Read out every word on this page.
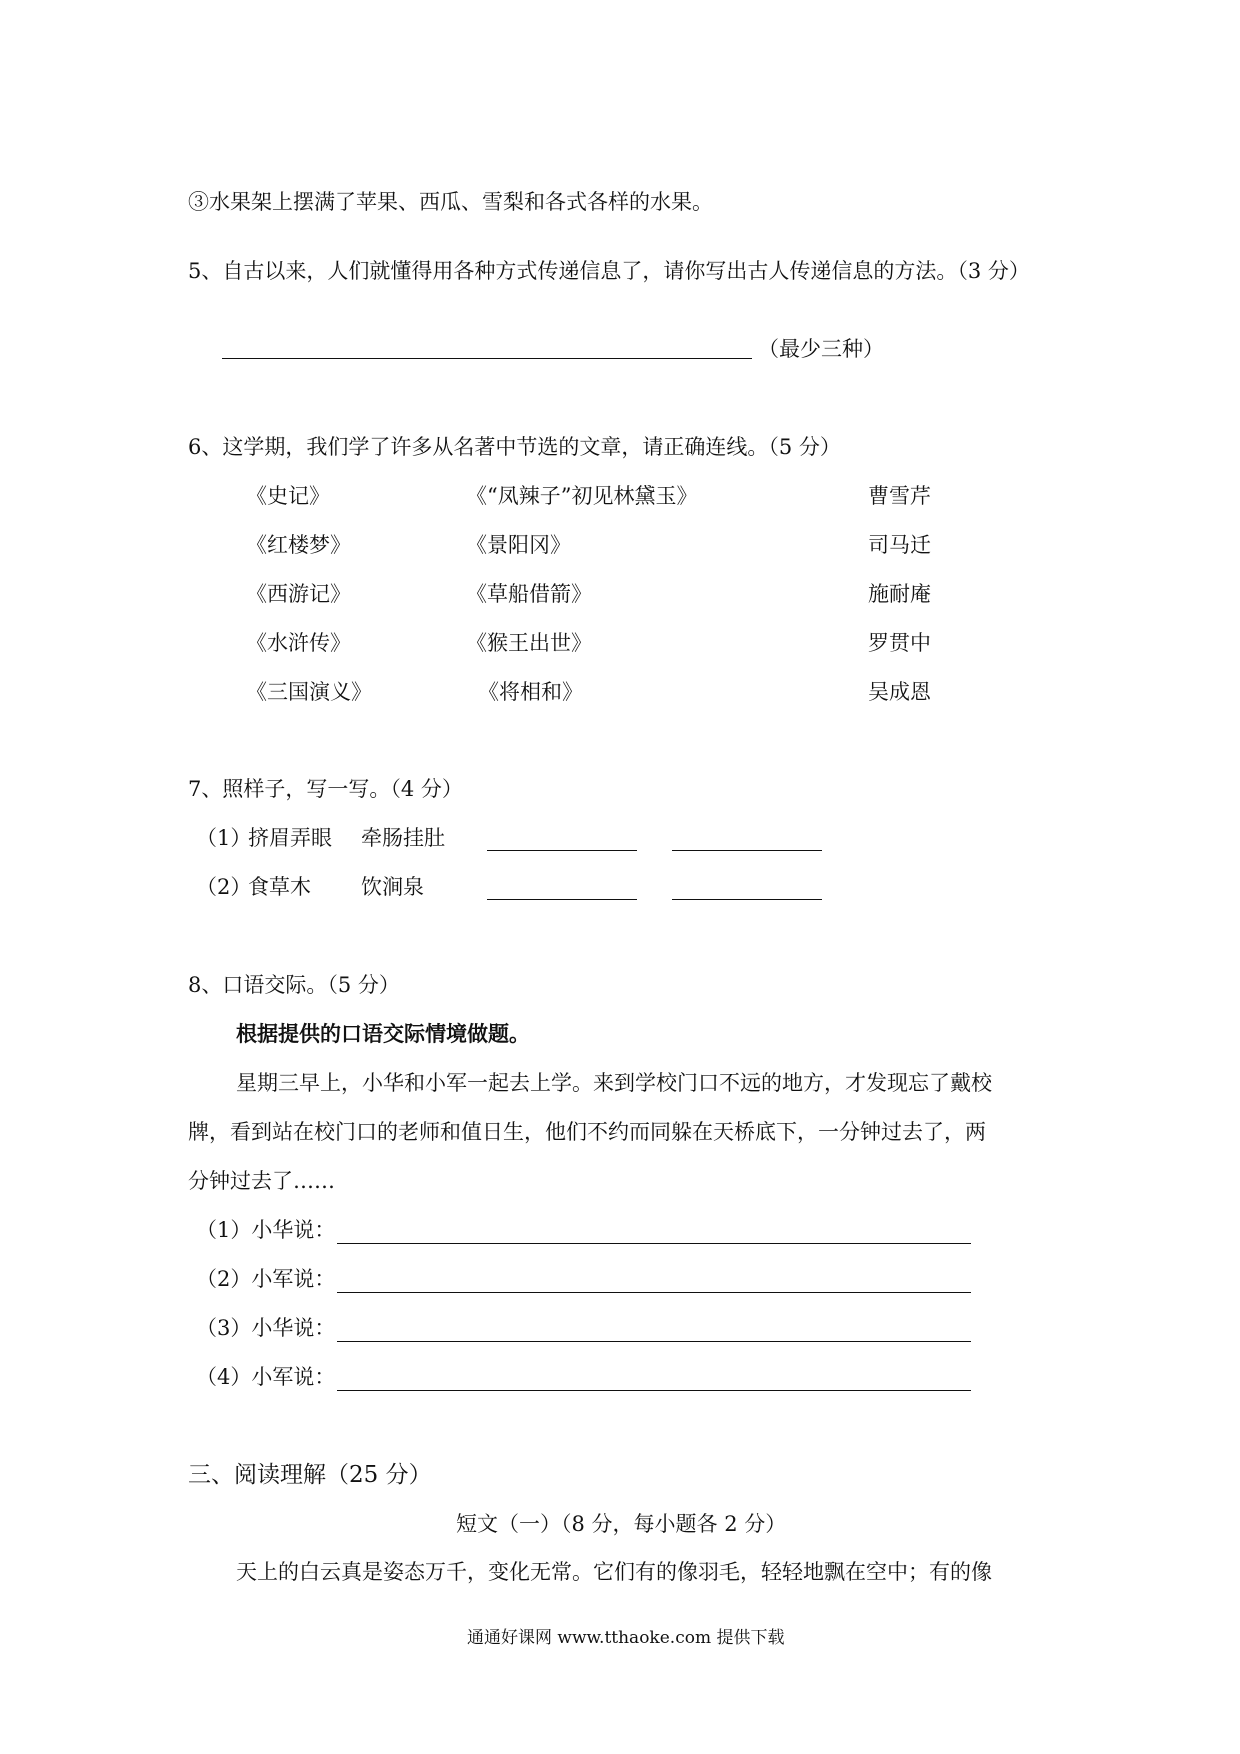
③水果架上摆满了苹果、西瓜、雪梨和各式各样的水果。
5、自古以来，人们就懂得用各种方式传递信息了，请你写出古人传递信息的方法。（3 分）
（最少三种）
6、这学期，我们学了许多从名著中节选的文章，请正确连线。（5 分）
《史记》
《红楼梦》
《西游记》
《水浒传》
《三国演义》
《“凤辣子”初见林黛玉》
《景阳冈》
《草船借箭》
《猴王出世》
《将相和》
曹雪芹
司马迁
施耐庵
罗贯中
吴成恩
7、照样子，写一写。（4 分）
（1）
挤眉弄眼 牵肠挂肚
（2）
食草木 饮涧泉
8、口语交际。（5 分）
根据提供的口语交际情境做题。
星期三早上，小华和小军一起去上学。来到学校门口不远的地方，才发现忘了戴校
牌，看到站在校门口的老师和值日生，他们不约而同躲在天桥底下，一分钟过去了，两
分钟过去了……
（1）小华说：
（2）小军说：
（3）小华说：
（4）小军说：
三、阅读理解（25 分）
短文（一）（8 分，每小题各 2 分）
天上的白云真是姿态万千，变化无常。它们有的像羽毛，轻轻地飘在空中；有的像
通通好课网 www.tthaoke.com 提供下载
